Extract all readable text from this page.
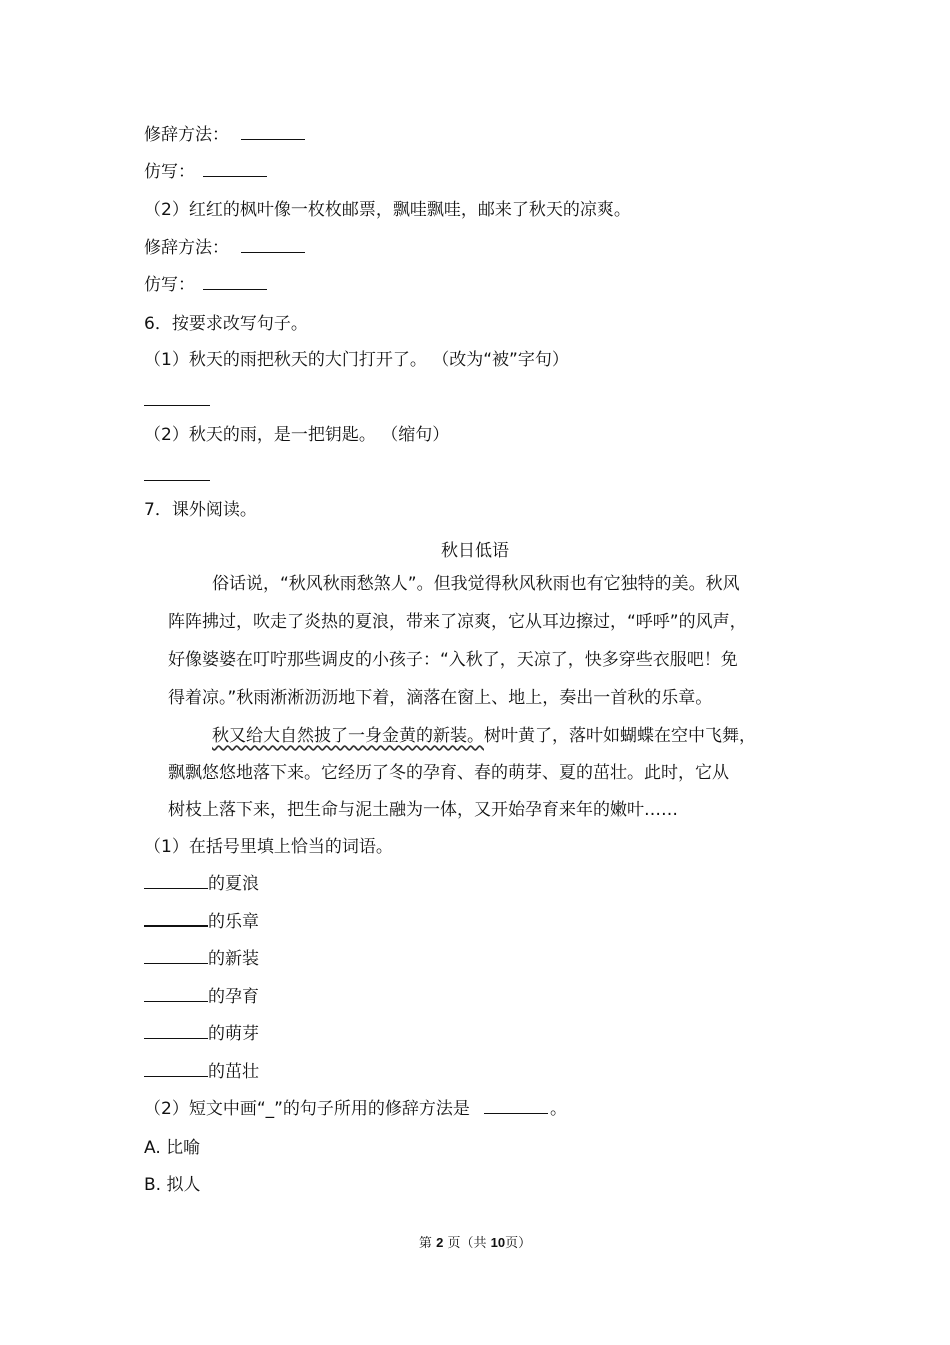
修辞方法：
仿写：
（2）红红的枫叶像一枚枚邮票，飘哇飘哇，邮来了秋天的凉爽。
修辞方法：
仿写：
6．按要求改写句子。
（1）秋天的雨把秋天的大门打开了。 （改为“被”字句）
（2）秋天的雨，是一把钥匙。 （缩句）
7．课外阅读。
秋日低语
俗话说，“秋风秋雨愁煞人”。但我觉得秋风秋雨也有它独特的美。秋风
阵阵拂过，吹走了炎热的夏浪，带来了凉爽，它从耳边擦过，“呼呼”的风声，
好像婆婆在叮咛那些调皮的小孩子：“入秋了，天凉了，快多穿些衣服吧！免
得着凉。”秋雨淅淅沥沥地下着，滴落在窗上、地上，奏出一首秋的乐章。
秋又给大自然披了一身金黄的新装。树叶黄了，落叶如蝴蝶在空中飞舞，
飘飘悠悠地落下来。它经历了冬的孕育、春的萌芽、夏的茁壮。此时，它从
树枝上落下来，把生命与泥土融为一体，又开始孕育来年的嫩叶……
（1）在括号里填上恰当的词语。
的夏浪
的乐章
的新装
的孕育
的萌芽
的茁壮
（2）短文中画“_”的句子所用的修辞方法是	。
A. 比喻
B. 拟人
第 2 页（共 10页）
